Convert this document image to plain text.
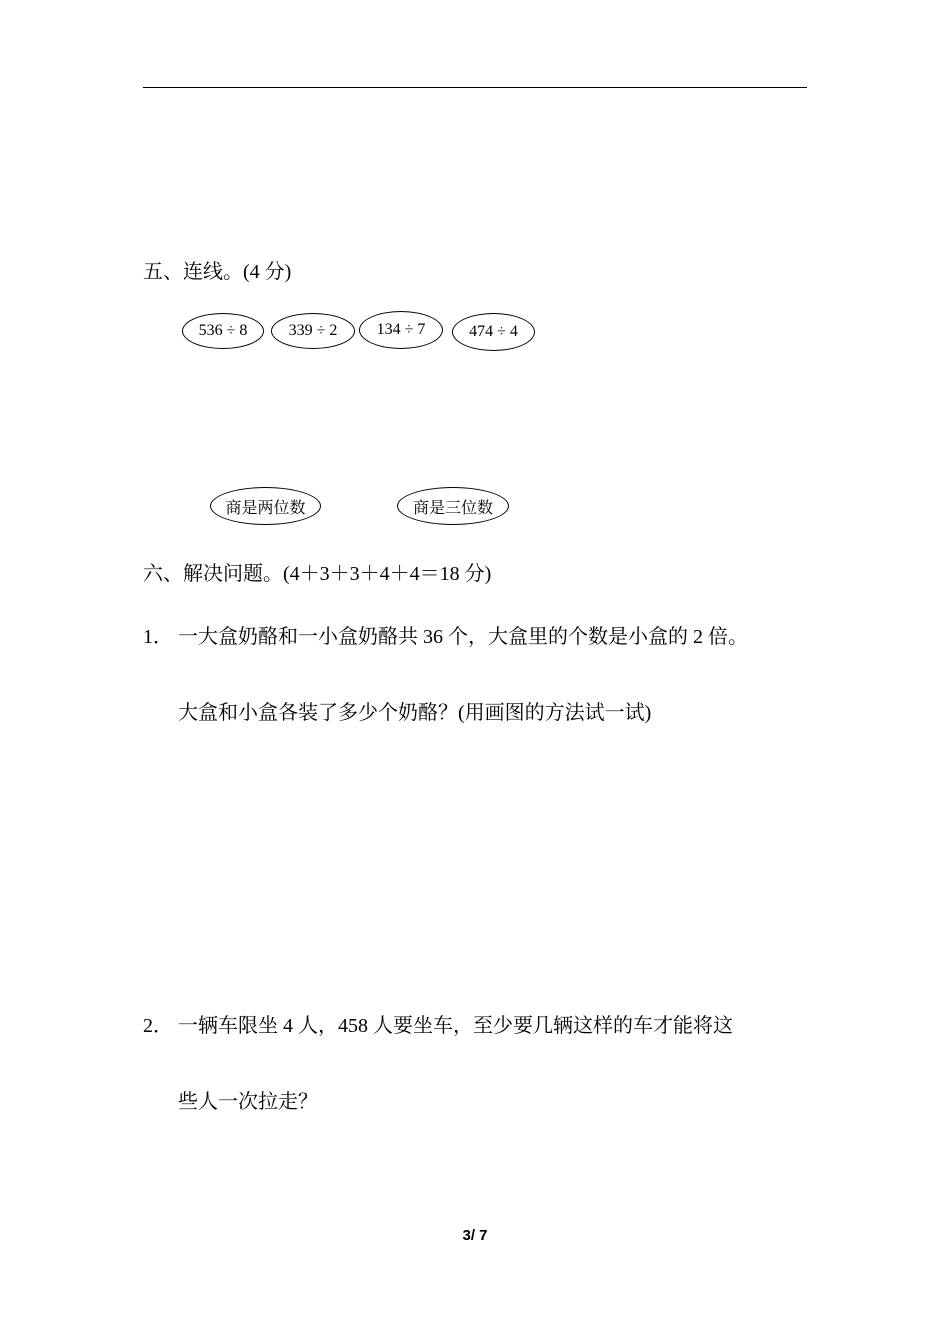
五、连线。(4 分)
536 ÷ 8	339 ÷ 2	134 ÷ 7	474 ÷ 4
商是两位数	商是三位数
六、解决问题。(4＋3＋3＋4＋4＝18 分)
1． 一大盒奶酪和一小盒奶酪共 36 个，大盒里的个数是小盒的 2 倍。
大盒和小盒各装了多少个奶酪？(用画图的方法试一试)
2． 一辆车限坐 4 人，458 人要坐车，至少要几辆这样的车才能将这
些人一次拉走？
3/ 7
